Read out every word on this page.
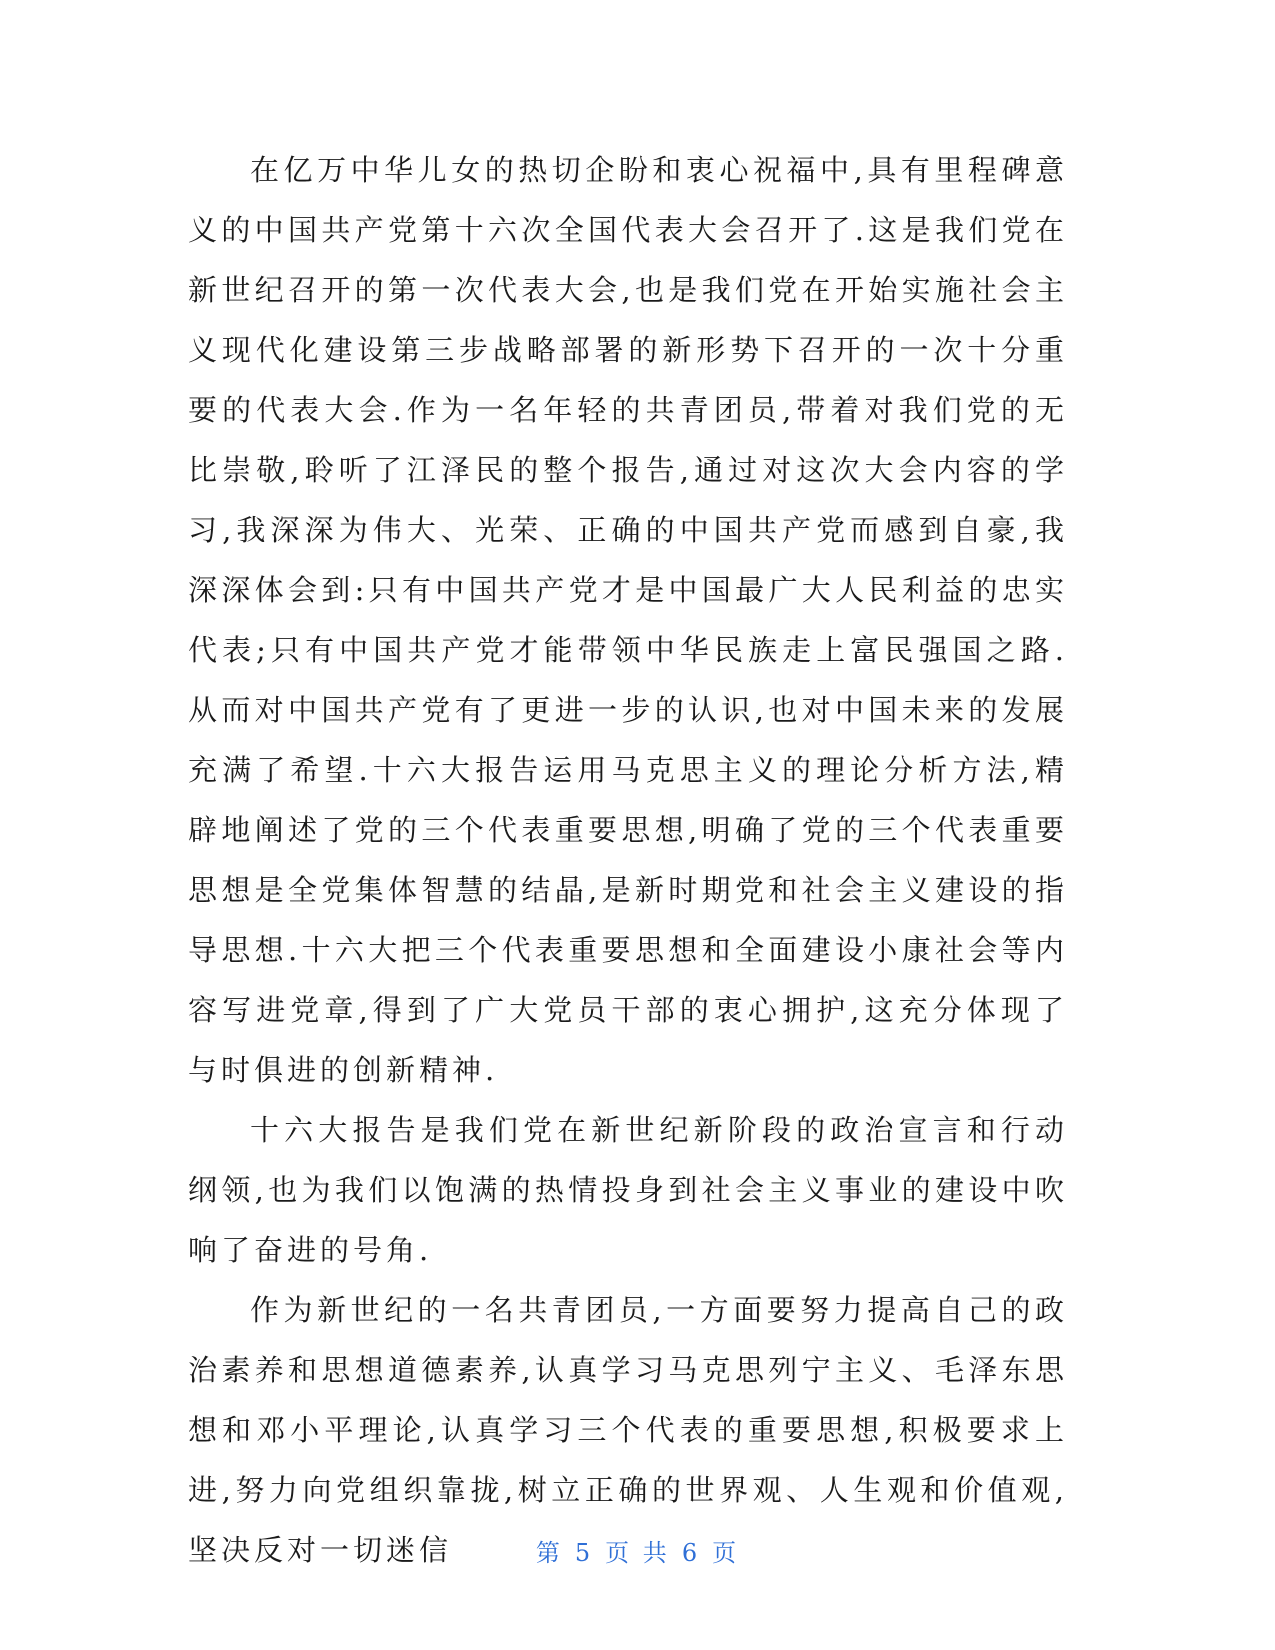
在亿万中华儿女的热切企盼和衷心祝福中,具有里程碑意义的中国共产党第十六次全国代表大会召开了.这是我们党在新世纪召开的第一次代表大会,也是我们党在开始实施社会主义现代化建设第三步战略部署的新形势下召开的一次十分重要的代表大会.作为一名年轻的共青团员,带着对我们党的无比崇敬,聆听了江泽民的整个报告,通过对这次大会内容的学习,我深深为伟大、光荣、正确的中国共产党而感到自豪,我深深体会到:只有中国共产党才是中国最广大人民利益的忠实代表;只有中国共产党才能带领中华民族走上富民强国之路.从而对中国共产党有了更进一步的认识,也对中国未来的发展充满了希望.十六大报告运用马克思主义的理论分析方法,精辟地阐述了党的三个代表重要思想,明确了党的三个代表重要思想是全党集体智慧的结晶,是新时期党和社会主义建设的指导思想.十六大把三个代表重要思想和全面建设小康社会等内容写进党章,得到了广大党员干部的衷心拥护,这充分体现了与时俱进的创新精神.

十六大报告是我们党在新世纪新阶段的政治宣言和行动纲领,也为我们以饱满的热情投身到社会主义事业的建设中吹响了奋进的号角.

作为新世纪的一名共青团员,一方面要努力提高自己的政治素养和思想道德素养,认真学习马克思列宁主义、毛泽东思想和邓小平理论,认真学习三个代表的重要思想,积极要求上进,努力向党组织靠拢,树立正确的世界观、人生观和价值观,坚决反对一切迷信	第 5 页 共 6 页
